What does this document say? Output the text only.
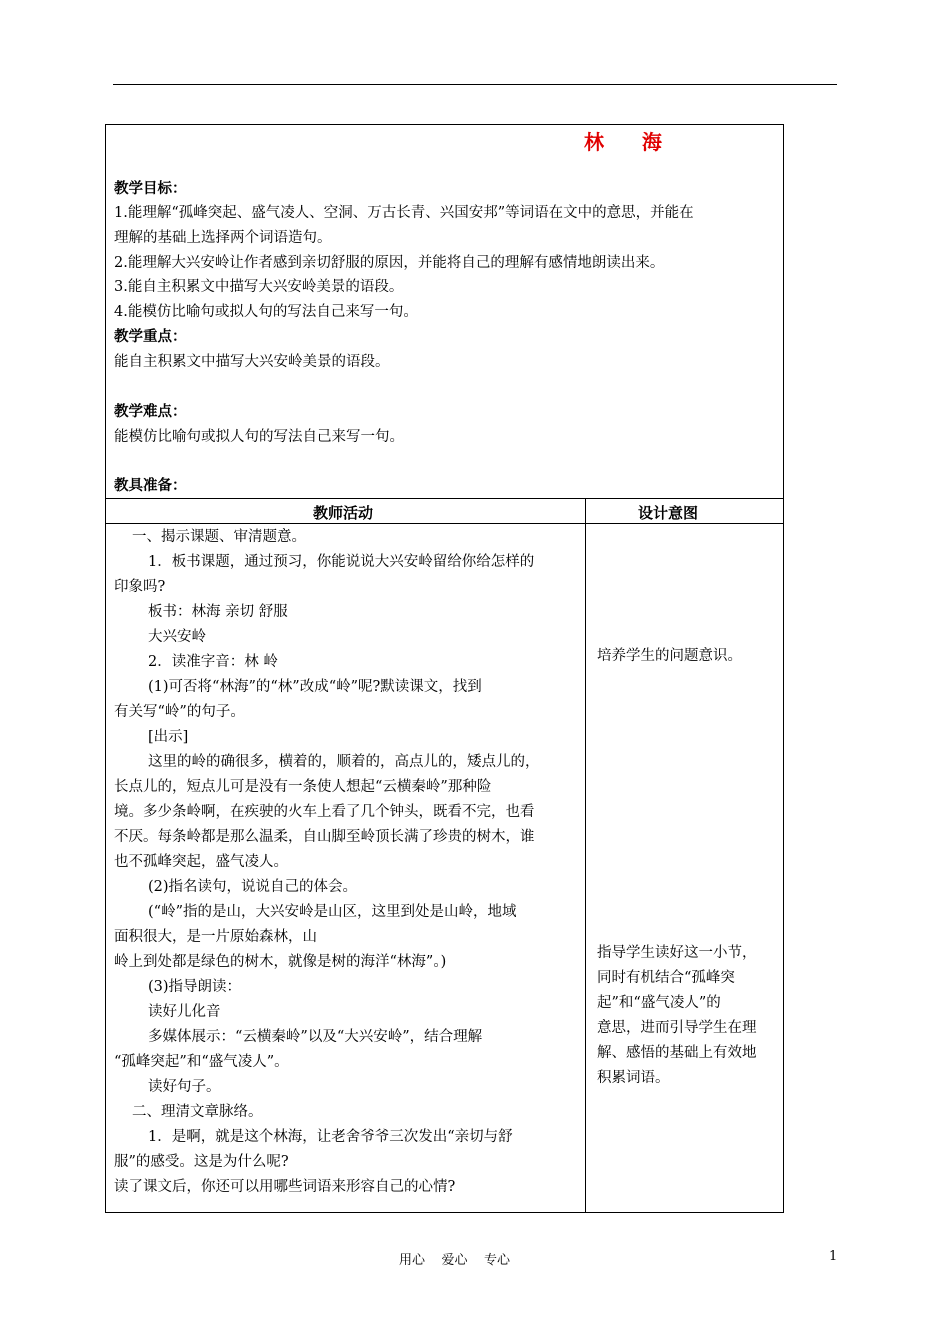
林    海
教学目标：
1.能理解“孤峰突起、盛气凌人、空洞、万古长青、兴国安邦”等词语在文中的意思，并能在
理解的基础上选择两个词语造句。
2.能理解大兴安岭让作者感到亲切舒服的原因，并能将自己的理解有感情地朗读出来。
3.能自主积累文中描写大兴安岭美景的语段。
4.能模仿比喻句或拟人句的写法自己来写一句。
教学重点：
能自主积累文中描写大兴安岭美景的语段。
教学难点：
能模仿比喻句或拟人句的写法自己来写一句。
教具准备：
教师活动	设计意图
一、揭示课题、审清题意。
1．板书课题，通过预习，你能说说大兴安岭留给你给怎样的
印象吗?
板书：林海 亲切 舒服
大兴安岭
2．读准字音：林 岭
(1)可否将“林海”的“林”改成“岭”呢?默读课文，找到
有关写“岭”的句子。
[出示]
这里的岭的确很多，横着的，顺着的，高点儿的，矮点儿的，
长点儿的，短点儿可是没有一条使人想起“云横秦岭”那种险
境。多少条岭啊，在疾驶的火车上看了几个钟头，既看不完，也看
不厌。每条岭都是那么温柔，自山脚至岭顶长满了珍贵的树木，谁
也不孤峰突起，盛气凌人。
(2)指名读句，说说自己的体会。
(“岭”指的是山，大兴安岭是山区，这里到处是山岭，地域
面积很大，是一片原始森林，山
岭上到处都是绿色的树木，就像是树的海洋“林海”。)
(3)指导朗读：
读好儿化音
多媒体展示：“云横秦岭”以及“大兴安岭”，结合理解
“孤峰突起”和“盛气凌人”。
读好句子。
二、理清文章脉络。
1．是啊，就是这个林海，让老舍爷爷三次发出“亲切与舒
服”的感受。这是为什么呢?
读了课文后，你还可以用哪些词语来形容自己的心情?
培养学生的问题意识。
指导学生读好这一小节，
同时有机结合“孤峰突
起”和“盛气凌人”的
意思，进而引导学生在理
解、感悟的基础上有效地
积累词语。
用心    爱心    专心	1
